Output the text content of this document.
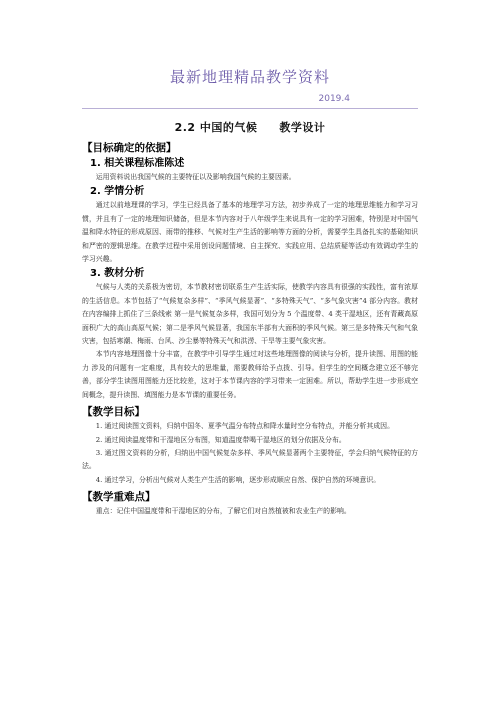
最新地理精品教学资料
2019.4
2.2 中国的气候 教学设计
【目标确定的依据】
1. 相关课程标准陈述

运用资料说出我国气候的主要特征以及影响我国气候的主要因素。

2. 学情分析

通过以前地理课的学习，学生已经具备了基本的地理学习方法，初步养成了一定的地理思维能力和学习习惯，并且有了一定的地理知识储备，但是本节内容对于八年级学生来说具有一定的学习困难，特别是对中国气温和降水特征的形成原因、雨带的推移、气候对生产生活的影响等方面的分析，需要学生具备扎实的基础知识和严密的逻辑思维。在教学过程中采用创设问题情境、自主探究、实践应用、总结质疑等活动有效调动学生的学习兴趣。

3. 教材分析

气候与人类的关系极为密切，本节教材密切联系生产生活实际，使教学内容具有很强的实践性，富有浓厚的生活信息。本节包括了“气候复杂多样”、“季风气候显著”、“多特殊天气”、“多气象灾害”4 部分内容。教材在内容编排上抓住了三条线索 第一是气候复杂多样，我国可划分为 5 个温度带、4 类干湿地区，还有青藏高原面积广大的高山高原气候；第二是季风气候显著，我国东半部有大面积的季风气候。第三是多特殊天气和气象灾害，包括寒潮、梅雨、台风、沙尘暴等特殊天气和洪涝、干旱等主要气象灾害。

本节内容地理图像十分丰富，在教学中引导学生通过对这些地理图像的阅读与分析，提升读图、用图的能力 涉及的问题有一定难度，具有较大的思维量，需要教师给予点拨、引导。但学生的空间概念建立还不够完善，部分学生读图用图能力还比较差，这对于本节课内容的学习带来一定困难。所以，帮助学生进一步形成空间概念，提升读图、填图能力是本节课的重要任务。

【教学目标】

1. 通过阅读图文资料，归纳中国冬、夏季气温分布特点和降水量时空分布特点，并能分析其成因。

2. 通过阅读温度带和干湿地区分布图，知道温度带喝干湿地区的划分依据及分布。

3. 通过图文资料的分析，归纳出中国气候复杂多样、季风气候显著两个主要特征，学会归纳气候特征的方法。

4. 通过学习，分析出气候对人类生产生活的影响，逐步形成顺应自然、保护自然的环境意识。

【教学重难点】

重点：记住中国温度带和干湿地区的分布，了解它们对自然植被和农业生产的影响。
